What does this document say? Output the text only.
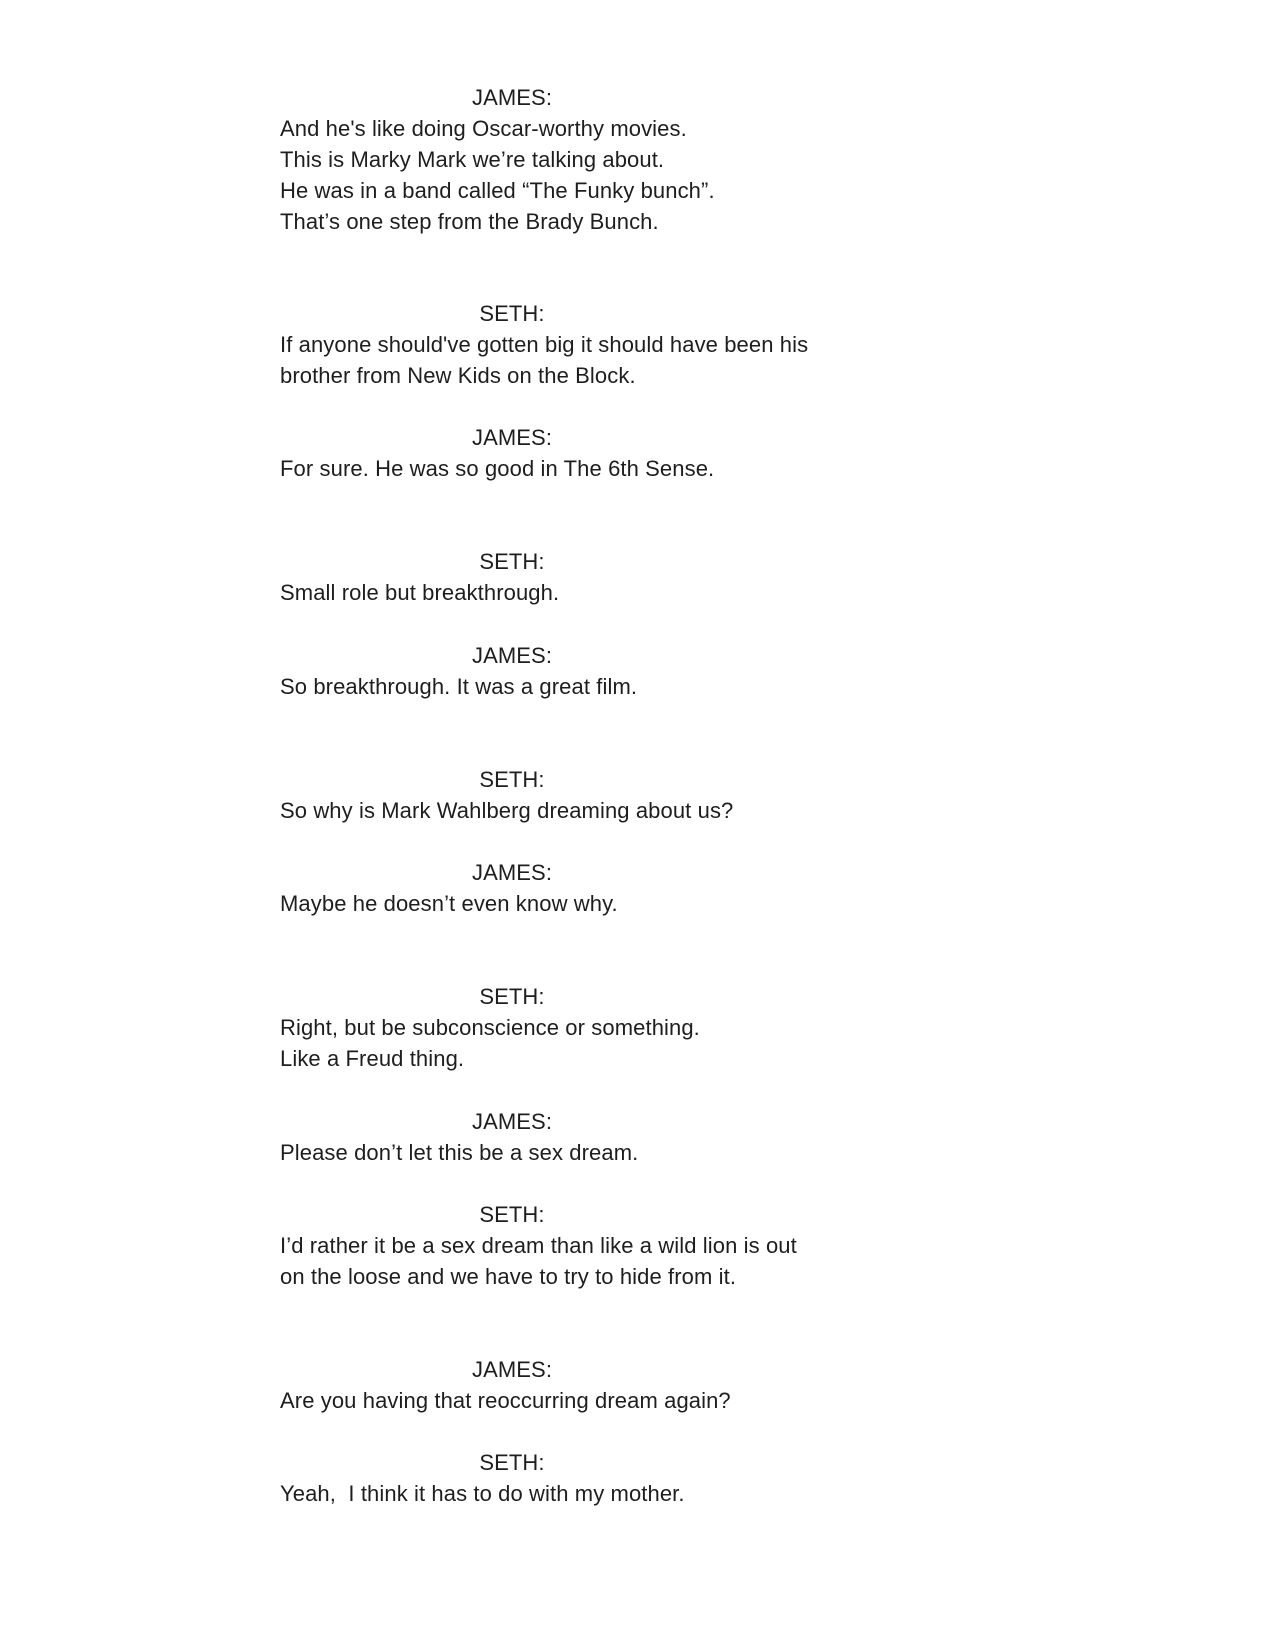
JAMES:
And he's like doing Oscar-worthy movies.
This is Marky Mark we’re talking about.
He was in a band called “The Funky bunch”.
That’s one step from the Brady Bunch.
SETH:
If anyone should've gotten big it should have been his
brother from New Kids on the Block.
JAMES:
For sure. He was so good in The 6th Sense.
SETH:
Small role but breakthrough.
JAMES:
So breakthrough. It was a great film.
SETH:
So why is Mark Wahlberg dreaming about us?
JAMES:
Maybe he doesn’t even know why.
SETH:
Right, but be subconscience or something.
Like a Freud thing.
JAMES:
Please don’t let this be a sex dream.
SETH:
I’d rather it be a sex dream than like a wild lion is out
on the loose and we have to try to hide from it.
JAMES:
Are you having that reoccurring dream again?
SETH:
Yeah,  I think it has to do with my mother.
